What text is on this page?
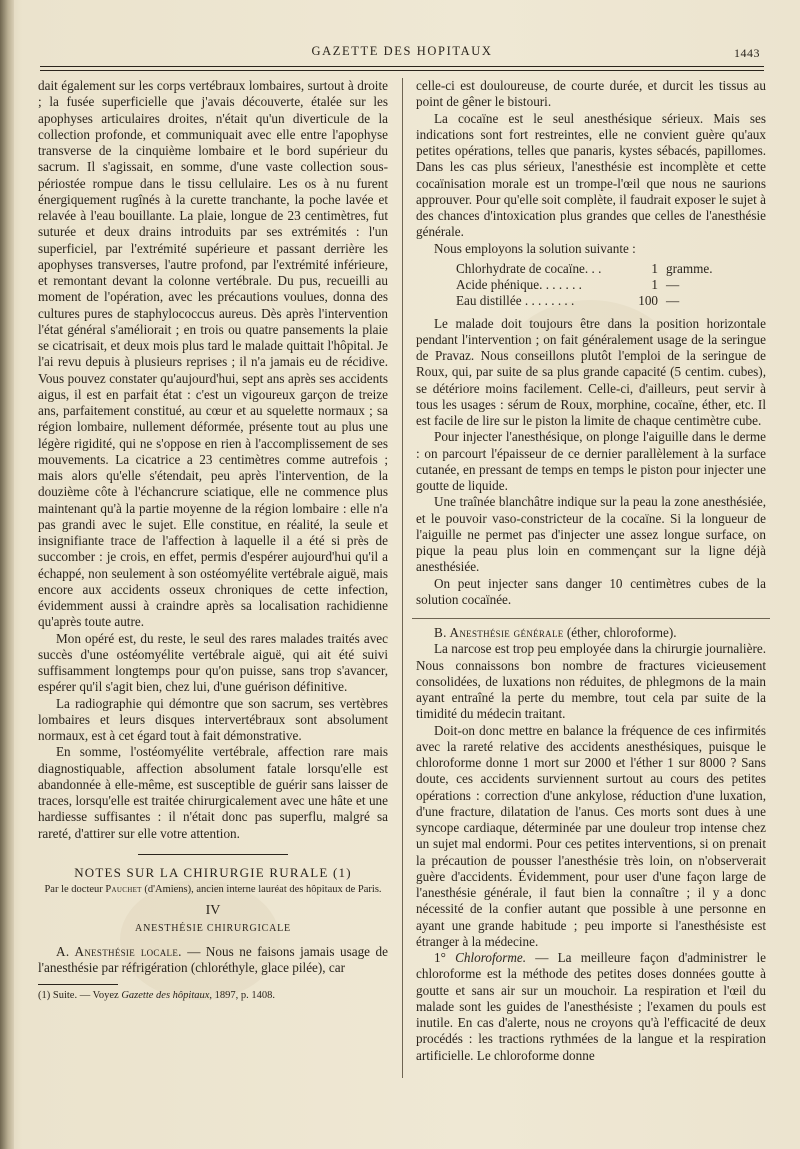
GAZETTE DES HOPITAUX	1443

dait également sur les corps vertébraux lombaires, surtout à droite ; la fusée superficielle que j'avais découverte, étalée sur les apophyses articulaires droites, n'était qu'un diverticule de la collection profonde, et communiquait avec elle entre l'apophyse transverse de la cinquième lombaire et le bord supérieur du sacrum. Il s'agissait, en somme, d'une vaste collection sous-périostée rompue dans le tissu cellulaire. Les os à nu furent énergiquement rugînés à la curette tranchante, la poche lavée et relavée à l'eau bouillante. La plaie, longue de 23 centimètres, fut suturée et deux drains introduits par ses extrémités : l'un superficiel, par l'extrémité supérieure et passant derrière les apophyses transverses, l'autre profond, par l'extrémité inférieure, et remontant devant la colonne vertébrale. Du pus, recueilli au moment de l'opération, avec les précautions voulues, donna des cultures pures de staphylococcus aureus. Dès après l'intervention l'état général s'améliorait ; en trois ou quatre pansements la plaie se cicatrisait, et deux mois plus tard le malade quittait l'hôpital. Je l'ai revu depuis à plusieurs reprises ; il n'a jamais eu de récidive. Vous pouvez constater qu'aujourd'hui, sept ans après ses accidents aigus, il est en parfait état : c'est un vigoureux garçon de treize ans, parfaitement constitué, au cœur et au squelette normaux ; sa région lombaire, nullement déformée, présente tout au plus une légère rigidité, qui ne s'oppose en rien à l'accomplissement de ses mouvements. La cicatrice a 23 centimètres comme autrefois ; mais alors qu'elle s'étendait, peu après l'intervention, de la douzième côte à l'échancrure sciatique, elle ne commence plus maintenant qu'à la partie moyenne de la région lombaire : elle n'a pas grandi avec le sujet. Elle constitue, en réalité, la seule et insignifiante trace de l'affection à laquelle il a été si près de succomber : je crois, en effet, permis d'espérer aujourd'hui qu'il a échappé, non seulement à son ostéomyélite vertébrale aiguë, mais encore aux accidents osseux chroniques de cette infection, évidemment aussi à craindre après sa localisation rachidienne qu'après toute autre.

Mon opéré est, du reste, le seul des rares malades traités avec succès d'une ostéomyélite vertébrale aiguë, qui ait été suivi suffisamment longtemps pour qu'on puisse, sans trop s'avancer, espérer qu'il s'agit bien, chez lui, d'une guérison définitive.

La radiographie qui démontre que son sacrum, ses vertèbres lombaires et leurs disques intervertébraux sont absolument normaux, est à cet égard tout à fait démonstrative.

En somme, l'ostéomyélite vertébrale, affection rare mais diagnostiquable, affection absolument fatale lorsqu'elle est abandonnée à elle-même, est susceptible de guérir sans laisser de traces, lorsqu'elle est traitée chirurgicalement avec une hâte et une hardiesse suffisantes : il n'était donc pas superflu, malgré sa rareté, d'attirer sur elle votre attention.

NOTES SUR LA CHIRURGIE RURALE (1)
Par le docteur Pauchet (d'Amiens), ancien interne lauréat des hôpitaux de Paris.
IV
ANESTHÉSIE CHIRURGICALE

A. Anesthésie locale. — Nous ne faisons jamais usage de l'anesthésie par réfrigération (chloréthyle, glace pilée), car

(1) Suite. — Voyez Gazette des hôpitaux, 1897, p. 1408.

celle-ci est douloureuse, de courte durée, et durcit les tissus au point de gêner le bistouri.

La cocaïne est le seul anesthésique sérieux. Mais ses indications sont fort restreintes, elle ne convient guère qu'aux petites opérations, telles que panaris, kystes sébacés, papillomes. Dans les cas plus sérieux, l'anesthésie est incomplète et cette cocaïnisation morale est un trompe-l'œil que nous ne saurions approuver. Pour qu'elle soit complète, il faudrait exposer le sujet à des chances d'intoxication plus grandes que celles de l'anesthésie générale.

Nous employons la solution suivante :

Chlorhydrate de cocaïne. . .	1 gramme.
Acide phénique. . . . . . .	1 —
Eau distillée . . . . . . . .	100 —

Le malade doit toujours être dans la position horizontale pendant l'intervention ; on fait généralement usage de la seringue de Pravaz. Nous conseillons plutôt l'emploi de la seringue de Roux, qui, par suite de sa plus grande capacité (5 centim. cubes), se détériore moins facilement. Celle-ci, d'ailleurs, peut servir à tous les usages : sérum de Roux, morphine, cocaïne, éther, etc. Il est facile de lire sur le piston la limite de chaque centimètre cube.

Pour injecter l'anesthésique, on plonge l'aiguille dans le derme : on parcourt l'épaisseur de ce dernier parallèlement à la surface cutanée, en pressant de temps en temps le piston pour injecter une goutte de liquide.

Une traînée blanchâtre indique sur la peau la zone anesthésiée, et le pouvoir vaso-constricteur de la cocaïne. Si la longueur de l'aiguille ne permet pas d'injecter une assez longue surface, on pique la peau plus loin en commençant sur la ligne déjà anesthésiée.

On peut injecter sans danger 10 centimètres cubes de la solution cocaïnée.

B. Anesthésie générale (éther, chloroforme).

La narcose est trop peu employée dans la chirurgie journalière. Nous connaissons bon nombre de fractures vicieusement consolidées, de luxations non réduites, de phlegmons de la main ayant entraîné la perte du membre, tout cela par suite de la timidité du médecin traitant.

Doit-on donc mettre en balance la fréquence de ces infirmités avec la rareté relative des accidents anesthésiques, puisque le chloroforme donne 1 mort sur 2000 et l'éther 1 sur 8000 ? Sans doute, ces accidents surviennent surtout au cours des petites opérations : correction d'une ankylose, réduction d'une luxation, d'une fracture, dilatation de l'anus. Ces morts sont dues à une syncope cardiaque, déterminée par une douleur trop intense chez un sujet mal endormi. Pour ces petites interventions, si on prenait la précaution de pousser l'anesthésie très loin, on n'observerait guère d'accidents. Évidemment, pour user d'une façon large de l'anesthésie générale, il faut bien la connaître ; il y a donc nécessité de la confier autant que possible à une personne en ayant une grande habitude ; peu importe si l'anesthésiste est étranger à la médecine.

1° Chloroforme. — La meilleure façon d'administrer le chloroforme est la méthode des petites doses données goutte à goutte et sans air sur un mouchoir. La respiration et l'œil du malade sont les guides de l'anesthésiste ; l'examen du pouls est inutile. En cas d'alerte, nous ne croyons qu'à l'efficacité de deux procédés : les tractions rythmées de la langue et la respiration artificielle. Le chloroforme donne
